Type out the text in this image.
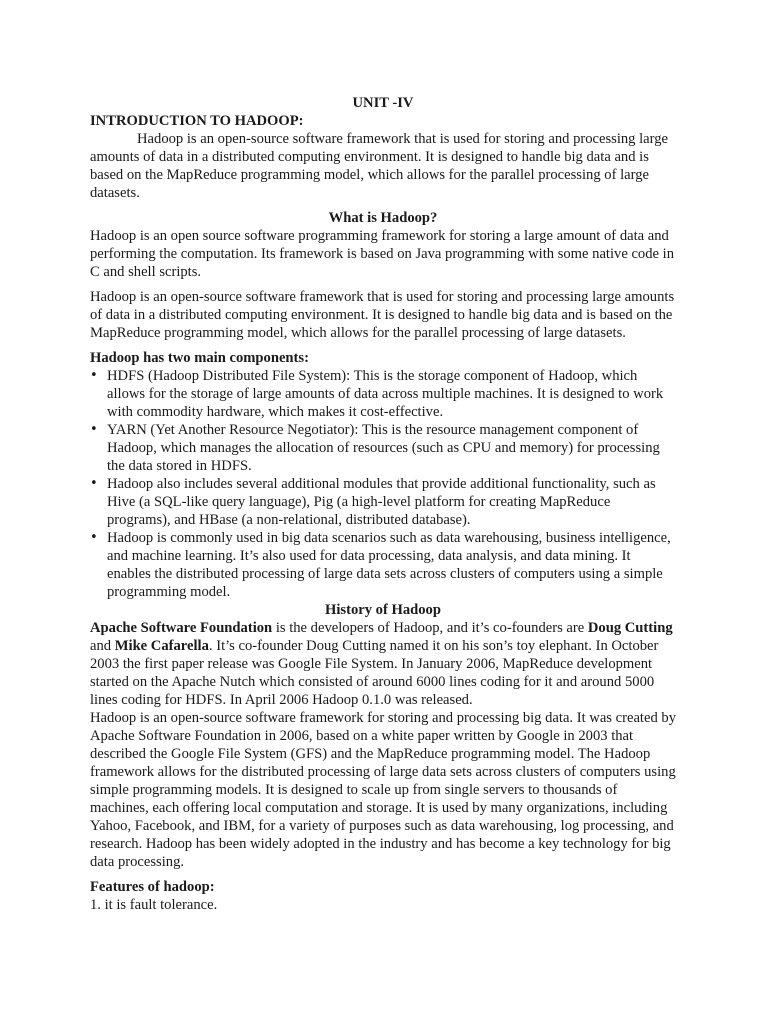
UNIT -IV

INTRODUCTION TO HADOOP:

Hadoop is an open-source software framework that is used for storing and processing large amounts of data in a distributed computing environment. It is designed to handle big data and is based on the MapReduce programming model, which allows for the parallel processing of large datasets.

What is Hadoop?

Hadoop is an open source software programming framework for storing a large amount of data and performing the computation. Its framework is based on Java programming with some native code in C and shell scripts.

Hadoop is an open-source software framework that is used for storing and processing large amounts of data in a distributed computing environment. It is designed to handle big data and is based on the MapReduce programming model, which allows for the parallel processing of large datasets.

Hadoop has two main components:

• HDFS (Hadoop Distributed File System): This is the storage component of Hadoop, which allows for the storage of large amounts of data across multiple machines. It is designed to work with commodity hardware, which makes it cost-effective.
• YARN (Yet Another Resource Negotiator): This is the resource management component of Hadoop, which manages the allocation of resources (such as CPU and memory) for processing the data stored in HDFS.
• Hadoop also includes several additional modules that provide additional functionality, such as Hive (a SQL-like query language), Pig (a high-level platform for creating MapReduce programs), and HBase (a non-relational, distributed database).
• Hadoop is commonly used in big data scenarios such as data warehousing, business intelligence, and machine learning. It’s also used for data processing, data analysis, and data mining. It enables the distributed processing of large data sets across clusters of computers using a simple programming model.

History of Hadoop

Apache Software Foundation is the developers of Hadoop, and it’s co-founders are Doug Cutting and Mike Cafarella. It’s co-founder Doug Cutting named it on his son’s toy elephant. In October 2003 the first paper release was Google File System. In January 2006, MapReduce development started on the Apache Nutch which consisted of around 6000 lines coding for it and around 5000 lines coding for HDFS. In April 2006 Hadoop 0.1.0 was released.

Hadoop is an open-source software framework for storing and processing big data. It was created by Apache Software Foundation in 2006, based on a white paper written by Google in 2003 that described the Google File System (GFS) and the MapReduce programming model. The Hadoop framework allows for the distributed processing of large data sets across clusters of computers using simple programming models. It is designed to scale up from single servers to thousands of machines, each offering local computation and storage. It is used by many organizations, including Yahoo, Facebook, and IBM, for a variety of purposes such as data warehousing, log processing, and research. Hadoop has been widely adopted in the industry and has become a key technology for big data processing.

Features of hadoop:

1. it is fault tolerance.
